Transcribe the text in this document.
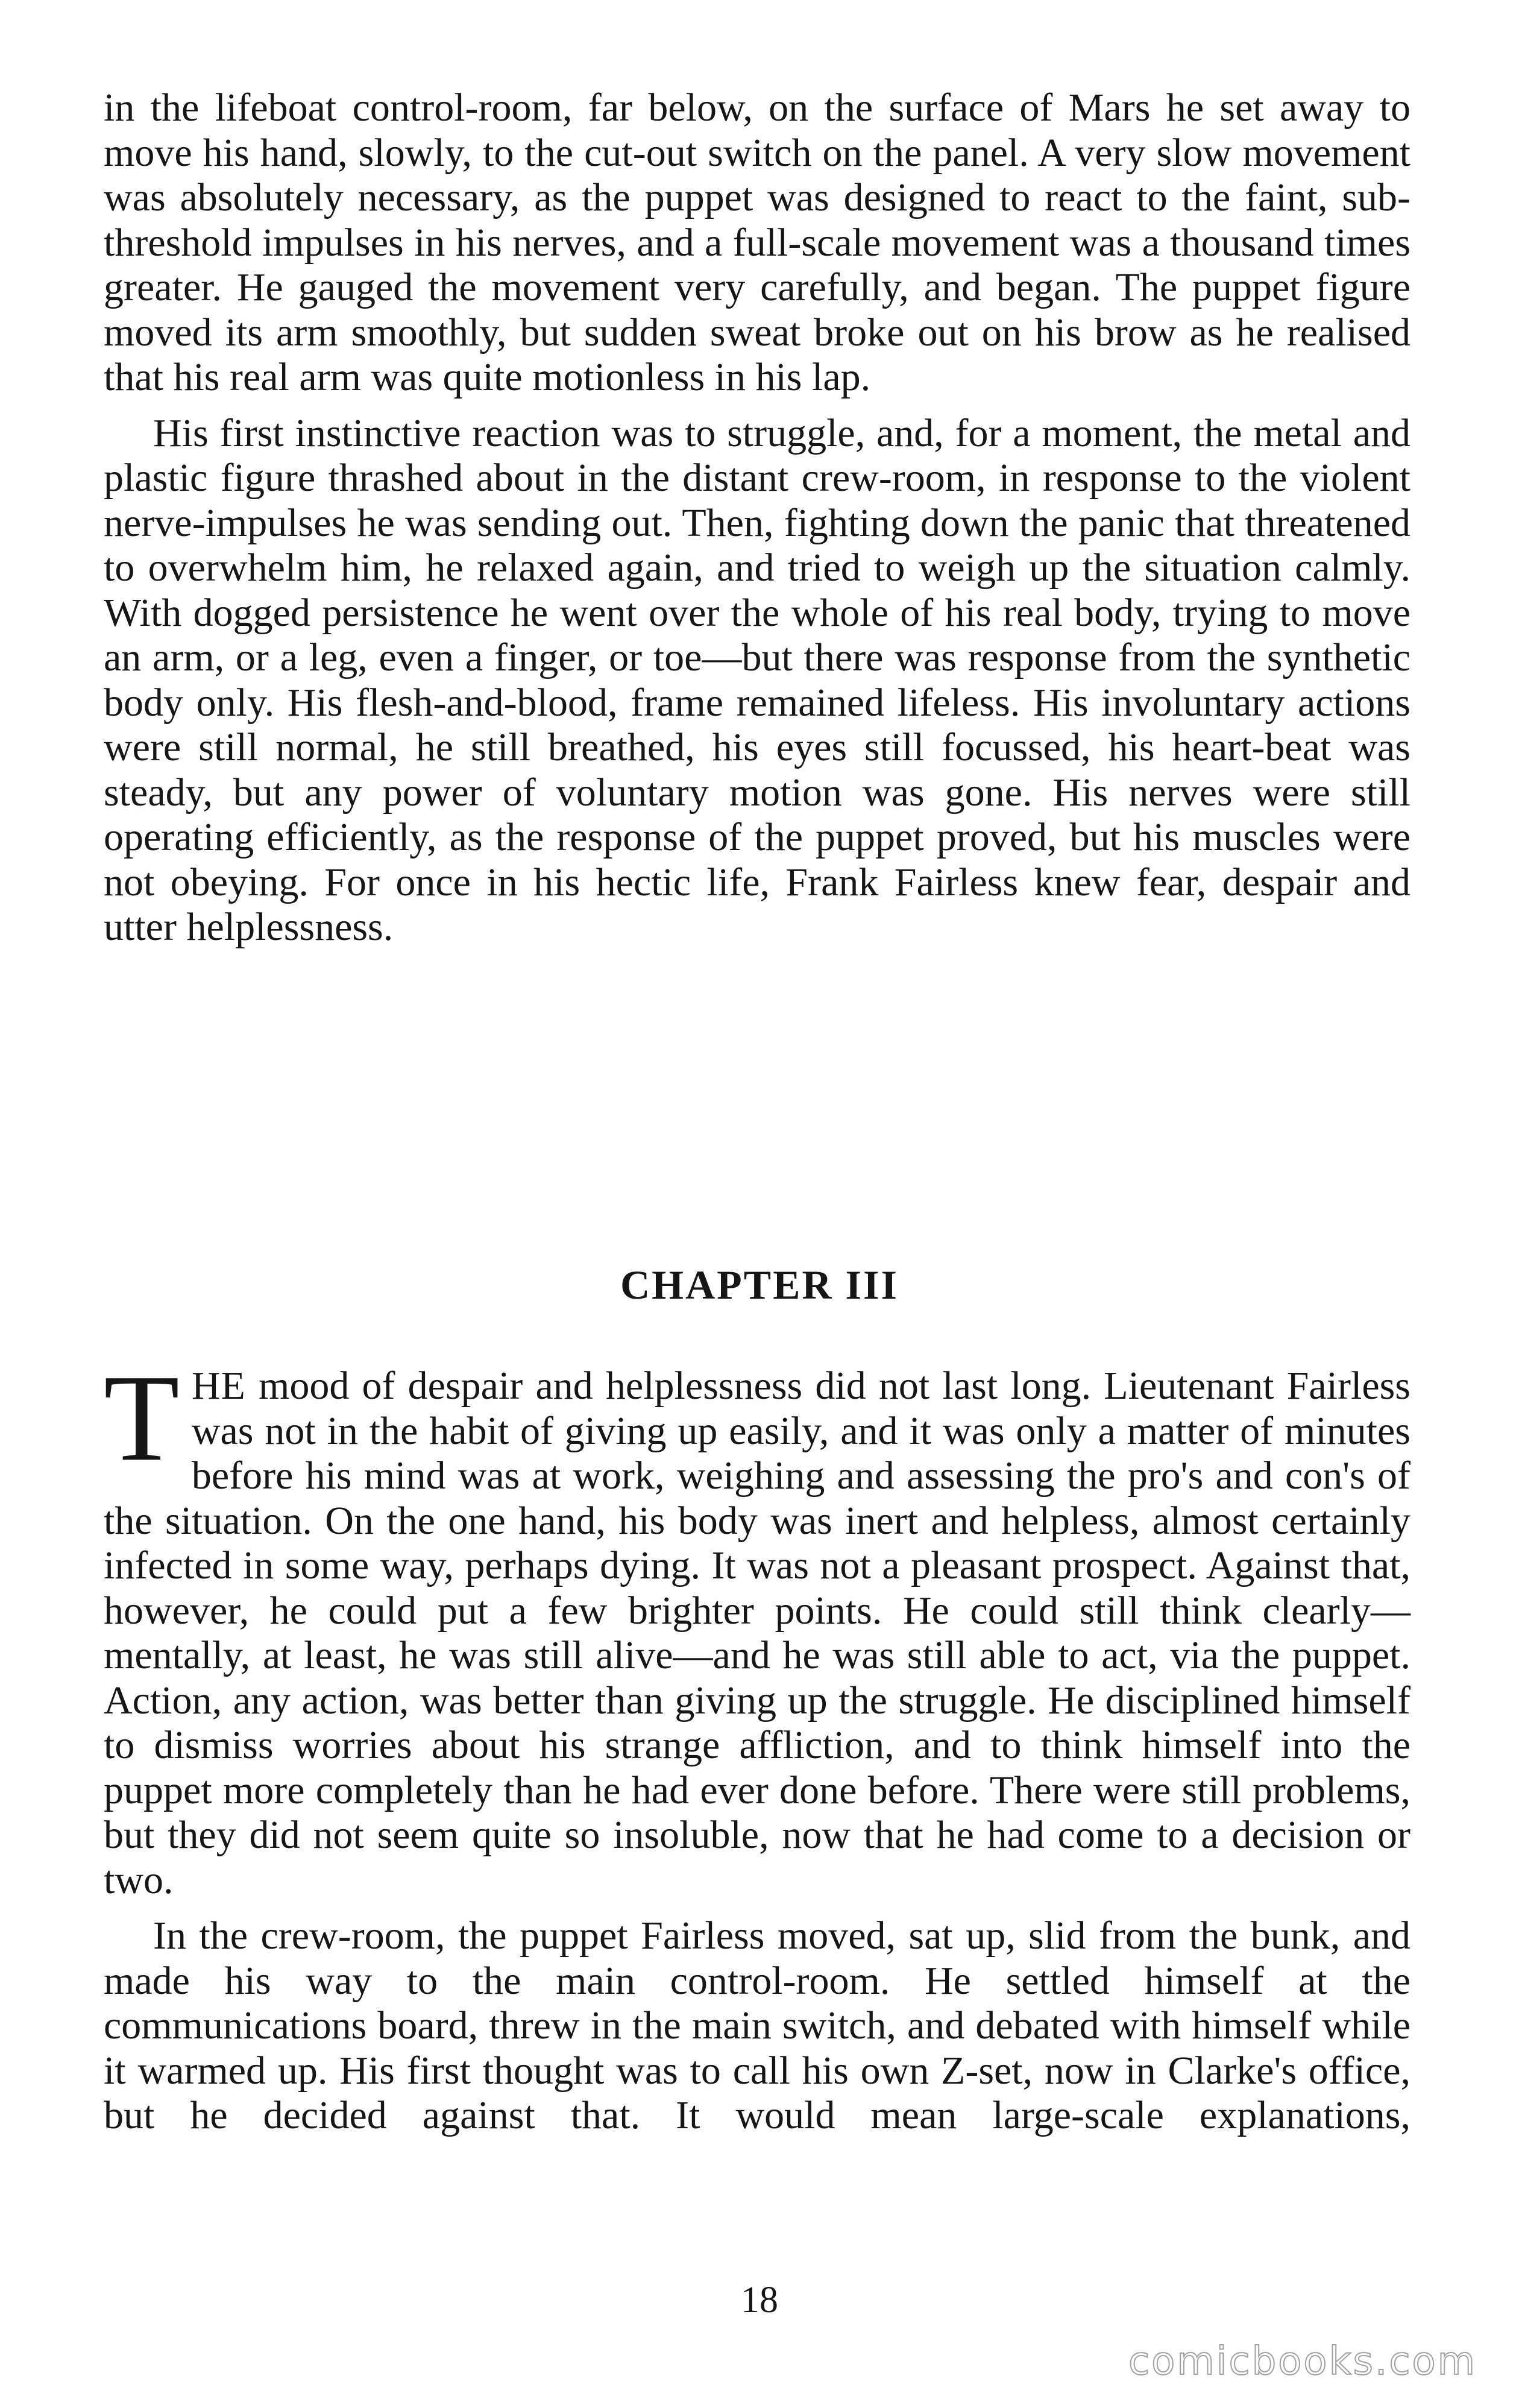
in the lifeboat control-room, far below, on the surface of Mars he set away to move his hand, slowly, to the cut-out switch on the panel. A very slow movement was absolutely necessary, as the puppet was designed to react to the faint, sub-threshold impulses in his nerves, and a full-scale movement was a thousand times greater. He gauged the movement very carefully, and began. The puppet figure moved its arm smoothly, but sudden sweat broke out on his brow as he realised that his real arm was quite motionless in his lap.

His first instinctive reaction was to struggle, and, for a moment, the metal and plastic figure thrashed about in the distant crew-room, in response to the violent nerve-impulses he was sending out. Then, fighting down the panic that threatened to overwhelm him, he relaxed again, and tried to weigh up the situation calmly. With dogged persistence he went over the whole of his real body, trying to move an arm, or a leg, even a finger, or toe—but there was response from the synthetic body only. His flesh-and-blood, frame remained lifeless. His involuntary actions were still normal, he still breathed, his eyes still focussed, his heart-beat was steady, but any power of voluntary motion was gone. His nerves were still operating efficiently, as the response of the puppet proved, but his muscles were not obeying. For once in his hectic life, Frank Fairless knew fear, despair and utter helplessness.

CHAPTER III

THE mood of despair and helplessness did not last long. Lieutenant Fairless was not in the habit of giving up easily, and it was only a matter of minutes before his mind was at work, weighing and assessing the pro's and con's of the situation. On the one hand, his body was inert and helpless, almost certainly infected in some way, perhaps dying. It was not a pleasant prospect. Against that, however, he could put a few brighter points. He could still think clearly—mentally, at least, he was still alive—and he was still able to act, via the puppet. Action, any action, was better than giving up the struggle. He disciplined himself to dismiss worries about his strange affliction, and to think himself into the puppet more completely than he had ever done before. There were still problems, but they did not seem quite so insoluble, now that he had come to a decision or two.

In the crew-room, the puppet Fairless moved, sat up, slid from the bunk, and made his way to the main control-room. He settled himself at the communications board, threw in the main switch, and debated with himself while it warmed up. His first thought was to call his own Z-set, now in Clarke's office, but he decided against that. It would mean large-scale explanations,

18
comicbooks.com
